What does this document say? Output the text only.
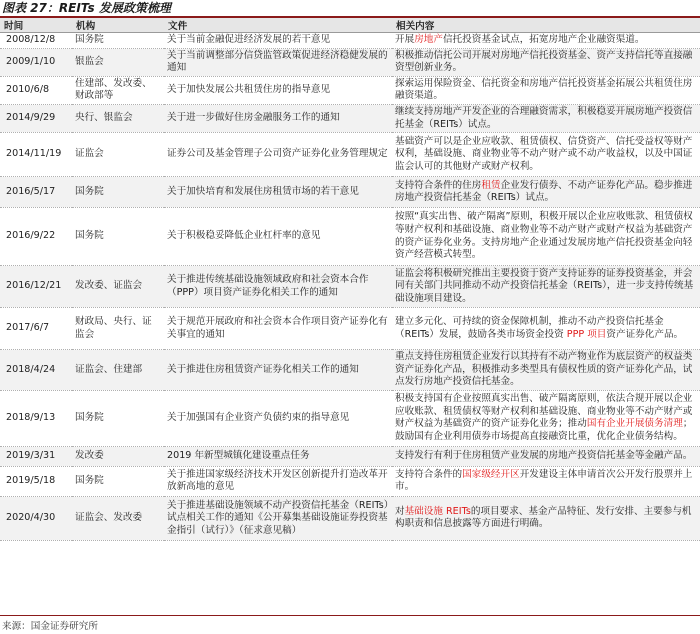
图表 27：REITs 发展政策梳理
时间	机构	文件	相关内容
2008/12/8	国务院	关于当前金融促进经济发展的若干意见	开展房地产信托投资基金试点，拓宽房地产企业融资渠道。
2009/1/10	银监会	关于当前调整部分信贷监管政策促进经济稳健发展的通知	积极推动信托公司开展对房地产信托投资基金、资产支持信托等直接融资型创新业务。
2010/6/8	住建部、发改委、财政部等	关于加快发展公共租赁住房的指导意见	探索运用保险资金、信托资金和房地产信托投资基金拓展公共租赁住房融资渠道。
2014/9/29	央行、银监会	关于进一步做好住房金融服务工作的通知	继续支持房地产开发企业的合理融资需求，积极稳妥开展房地产投资信托基金（REITs）试点。
2014/11/19	证监会	证券公司及基金管理子公司资产证券化业务管理规定	基础资产可以是企业应收款、租赁债权、信贷资产、信托受益权等财产权利，基础设施、商业物业等不动产财产或不动产收益权，以及中国证监会认可的其他财产或财产权利。
2016/5/17	国务院	关于加快培育和发展住房租赁市场的若干意见	支持符合条件的住房租赁企业发行债券、不动产证券化产品。稳步推进房地产投资信托基金（REITs）试点。
2016/9/22	国务院	关于积极稳妥降低企业杠杆率的意见	按照“真实出售、破产隔离”原则，积极开展以企业应收账款、租赁债权等财产权利和基础设施、商业物业等不动产财产或财产权益为基础资产的资产证券化业务。支持房地产企业通过发展房地产信托投资基金向轻资产经营模式转型。
2016/12/21	发改委、证监会	关于推进传统基础设施领域政府和社会资本合作（PPP）项目资产证券化相关工作的通知	证监会将积极研究推出主要投资于资产支持证券的证券投资基金，并会同有关部门共同推动不动产投资信托基金（REITs），进一步支持传统基础设施项目建设。
2017/6/7	财政局、央行、证监会	关于规范开展政府和社会资本合作项目资产证券化有关事宜的通知	建立多元化、可持续的资金保障机制，推动不动产投资信托基金（REITs）发展，鼓励各类市场资金投资 PPP 项目资产证券化产品。
2018/4/24	证监会、住建部	关于推进住房租赁资产证券化相关工作的通知	重点支持住房租赁企业发行以其持有不动产物业作为底层资产的权益类资产证券化产品，积极推动多类型具有债权性质的资产证券化产品，试点发行房地产投资信托基金。
2018/9/13	国务院	关于加强国有企业资产负债约束的指导意见	积极支持国有企业按照真实出售、破产隔离原则，依法合规开展以企业应收账款、租赁债权等财产权利和基础设施、商业物业等不动产财产或财产权益为基础资产的资产证券化业务；推动国有企业开展债务清理；鼓励国有企业利用债券市场提高直接融资比重，优化企业债务结构。
2019/3/31	发改委	2019 年新型城镇化建设重点任务	支持发行有利于住房租赁产业发展的房地产投资信托基金等金融产品。
2019/5/18	国务院	关于推进国家级经济技术开发区创新提升打造改革开放新高地的意见	支持符合条件的国家级经开区开发建设主体申请首次公开发行股票并上市。
2020/4/30	证监会、发改委	关于推进基础设施领域不动产投资信托基金（REITs）试点相关工作的通知《公开募集基础设施证券投资基金指引（试行）》（征求意见稿）	对基础设施 REITs的项目要求、基金产品特征、发行安排、主要参与机构职责和信息披露等方面进行明确。
来源：国金证券研究所
